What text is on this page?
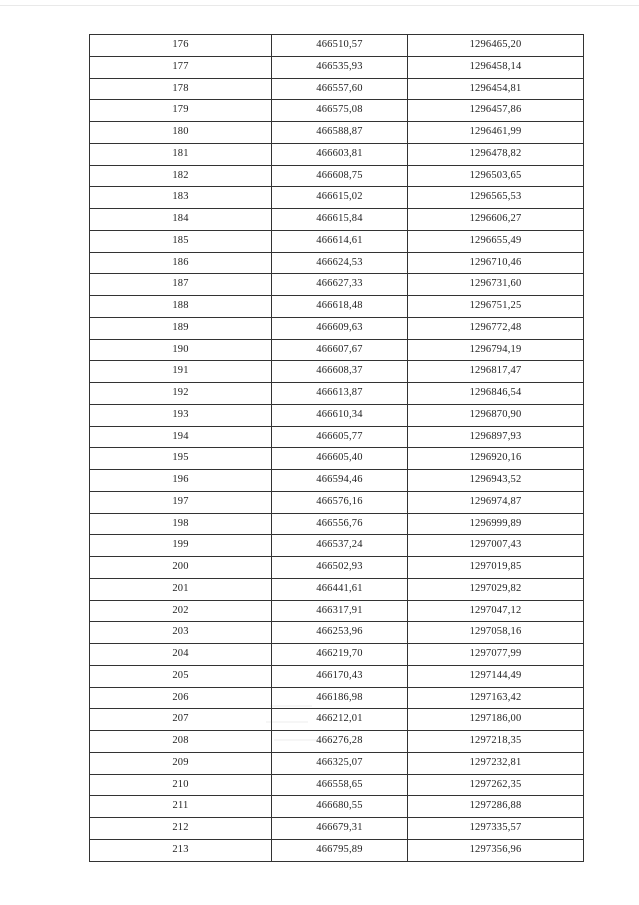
176	466510,57	1296465,20
177	466535,93	1296458,14
178	466557,60	1296454,81
179	466575,08	1296457,86
180	466588,87	1296461,99
181	466603,81	1296478,82
182	466608,75	1296503,65
183	466615,02	1296565,53
184	466615,84	1296606,27
185	466614,61	1296655,49
186	466624,53	1296710,46
187	466627,33	1296731,60
188	466618,48	1296751,25
189	466609,63	1296772,48
190	466607,67	1296794,19
191	466608,37	1296817,47
192	466613,87	1296846,54
193	466610,34	1296870,90
194	466605,77	1296897,93
195	466605,40	1296920,16
196	466594,46	1296943,52
197	466576,16	1296974,87
198	466556,76	1296999,89
199	466537,24	1297007,43
200	466502,93	1297019,85
201	466441,61	1297029,82
202	466317,91	1297047,12
203	466253,96	1297058,16
204	466219,70	1297077,99
205	466170,43	1297144,49
206	466186,98	1297163,42
207	466212,01	1297186,00
208	466276,28	1297218,35
209	466325,07	1297232,81
210	466558,65	1297262,35
211	466680,55	1297286,88
212	466679,31	1297335,57
213	466795,89	1297356,96
